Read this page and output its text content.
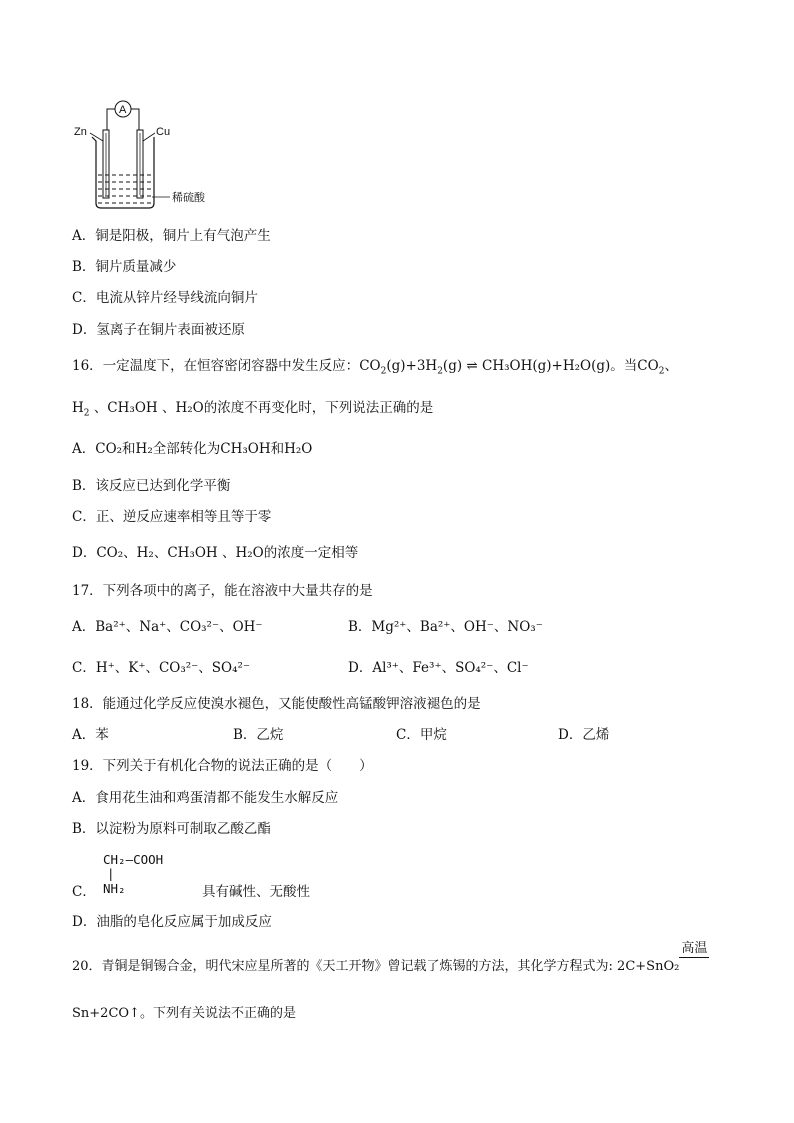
A
Zn	Cu
稀硫酸
A．铜是阳极，铜片上有气泡产生
B．铜片质量减少
C．电流从锌片经导线流向铜片
D．氢离子在铜片表面被还原
16．一定温度下，在恒容密闭容器中发生反应：$CO_2(g)+3H_2(g)$ ⇌ CH₃OH(g)+H₂O(g)。当$CO_2$、
$H_2$ 、CH₃OH 、H₂O的浓度不再变化时，下列说法正确的是
A．CO₂和H₂全部转化为CH₃OH和H₂O
B．该反应已达到化学平衡
C．正、逆反应速率相等且等于零
D．CO₂、H₂、CH₃OH 、H₂O的浓度一定相等
17．下列各项中的离子，能在溶液中大量共存的是
A．Ba²⁺、Na⁺、CO₃²⁻、OH⁻	B．Mg²⁺、Ba²⁺、OH⁻、NO₃⁻
C．H⁺、K⁺、CO₃²⁻、SO₄²⁻	D．Al³⁺、Fe³⁺、SO₄²⁻、Cl⁻
18．能通过化学反应使溴水褪色，又能使酸性高锰酸钾溶液褪色的是
A．苯	B．乙烷	C．甲烷	D．乙烯
19．下列关于有机化合物的说法正确的是（　　）
A．食用花生油和鸡蛋清都不能发生水解反应
B．以淀粉为原料可制取乙酸乙酯
CH₂—COOH
|
C． NH₂	具有碱性、无酸性
D．油脂的皂化反应属于加成反应
20．青铜是铜锡合金，明代宋应星所著的《天工开物》曾记载了炼锡的方法，其化学方程式为: 2C+SnO₂
高温
Sn+2CO↑。下列有关说法不正确的是
